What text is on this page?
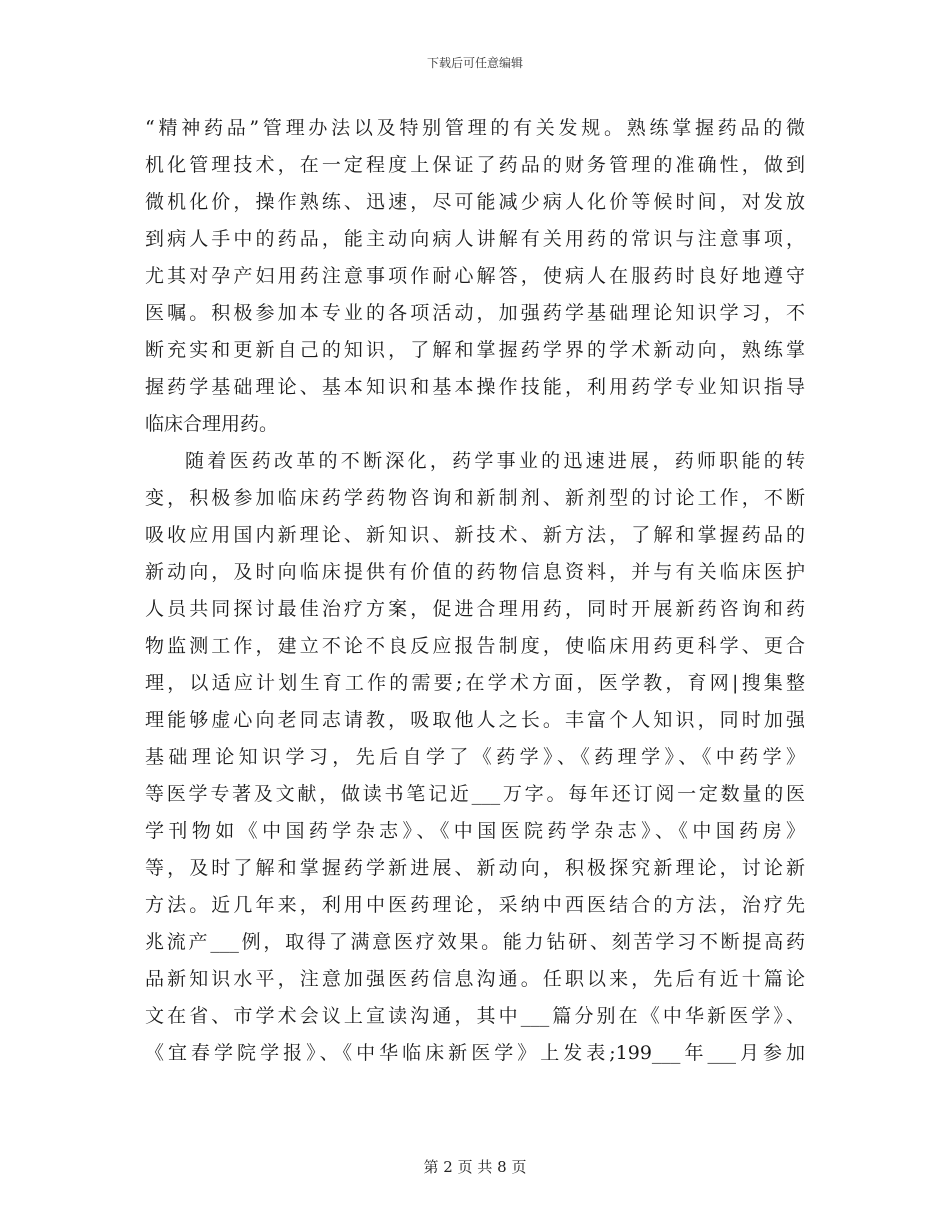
下载后可任意编辑
“精神药品”管理办法以及特别管理的有关发规。熟练掌握药品的微
机化管理技术，在一定程度上保证了药品的财务管理的准确性，做到
微机化价，操作熟练、迅速，尽可能减少病人化价等候时间，对发放
到病人手中的药品，能主动向病人讲解有关用药的常识与注意事项，
尤其对孕产妇用药注意事项作耐心解答，使病人在服药时良好地遵守
医嘱。积极参加本专业的各项活动，加强药学基础理论知识学习，不
断充实和更新自己的知识，了解和掌握药学界的学术新动向，熟练掌
握药学基础理论、基本知识和基本操作技能，利用药学专业知识指导
临床合理用药。
随着医药改革的不断深化，药学事业的迅速进展，药师职能的转
变，积极参加临床药学药物咨询和新制剂、新剂型的讨论工作，不断
吸收应用国内新理论、新知识、新技术、新方法，了解和掌握药品的
新动向，及时向临床提供有价值的药物信息资料，并与有关临床医护
人员共同探讨最佳治疗方案，促进合理用药，同时开展新药咨询和药
物监测工作，建立不论不良反应报告制度，使临床用药更科学、更合
理，以适应计划生育工作的需要;在学术方面，医学教，育网|搜集整
理能够虚心向老同志请教，吸取他人之长。丰富个人知识，同时加强
基础理论知识学习，先后自学了《药学》、《药理学》、《中药学》
等医学专著及文献，做读书笔记近___万字。每年还订阅一定数量的医
学刊物如《中国药学杂志》、《中国医院药学杂志》、《中国药房》
等，及时了解和掌握药学新进展、新动向，积极探究新理论，讨论新
方法。近几年来，利用中医药理论，采纳中西医结合的方法，治疗先
兆流产___例，取得了满意医疗效果。能力钻研、刻苦学习不断提高药
品新知识水平，注意加强医药信息沟通。任职以来，先后有近十篇论
文在省、市学术会议上宣读沟通，其中___篇分别在《中华新医学》、
《宜春学院学报》、《中华临床新医学》上发表;199___年___月参加
第 2 页 共 8 页
